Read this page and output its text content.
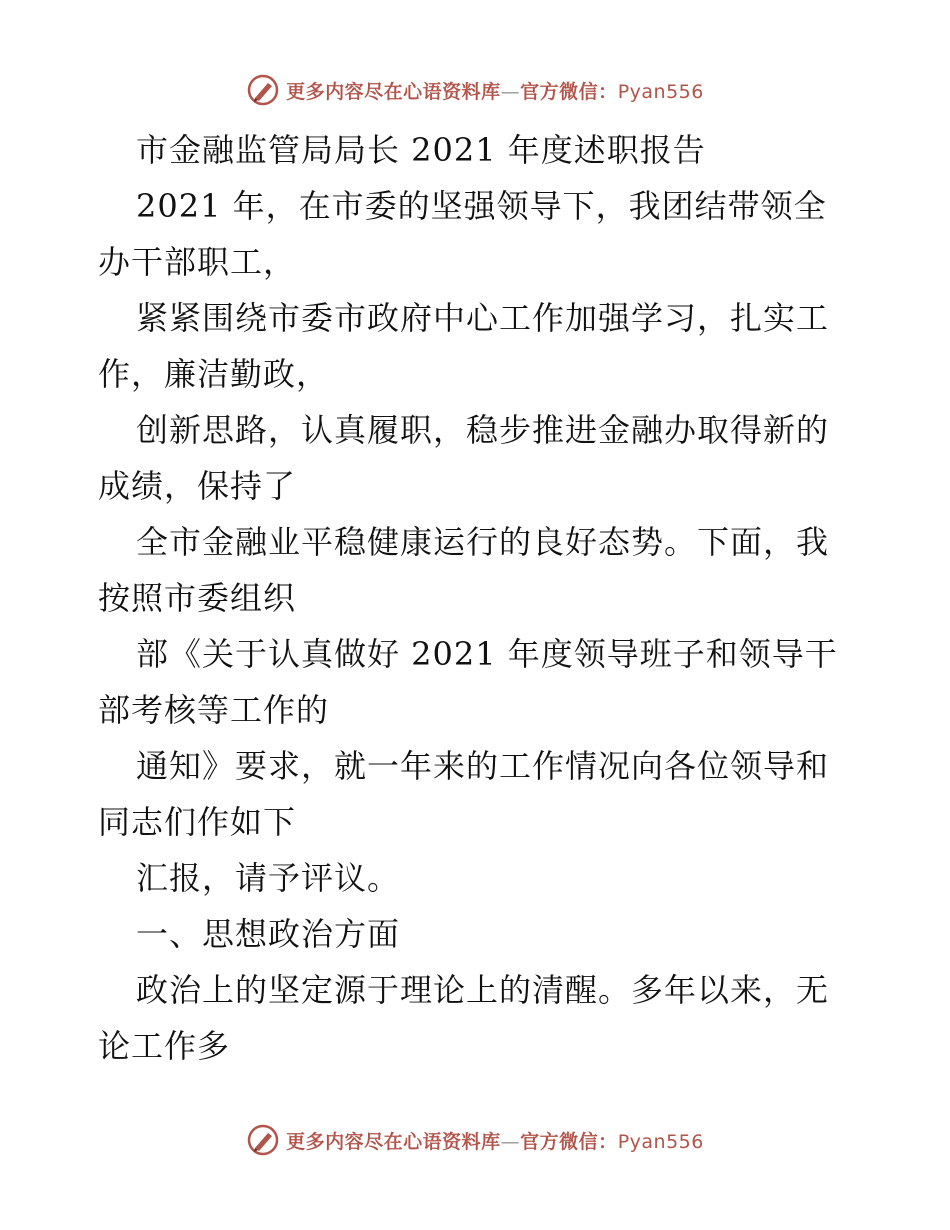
更多内容尽在心语资料库—官方微信：Pyan556
市金融监管局局长 2021 年度述职报告
2021 年，在市委的坚强领导下，我团结带领全
办干部职工，
紧紧围绕市委市政府中心工作加强学习，扎实工
作，廉洁勤政，
创新思路，认真履职，稳步推进金融办取得新的
成绩，保持了
全市金融业平稳健康运行的良好态势。下面，我
按照市委组织
部《关于认真做好 2021 年度领导班子和领导干
部考核等工作的
通知》要求，就一年来的工作情况向各位领导和
同志们作如下
汇报，请予评议。
一、思想政治方面
政治上的坚定源于理论上的清醒。多年以来，无
论工作多
更多内容尽在心语资料库—官方微信：Pyan556
